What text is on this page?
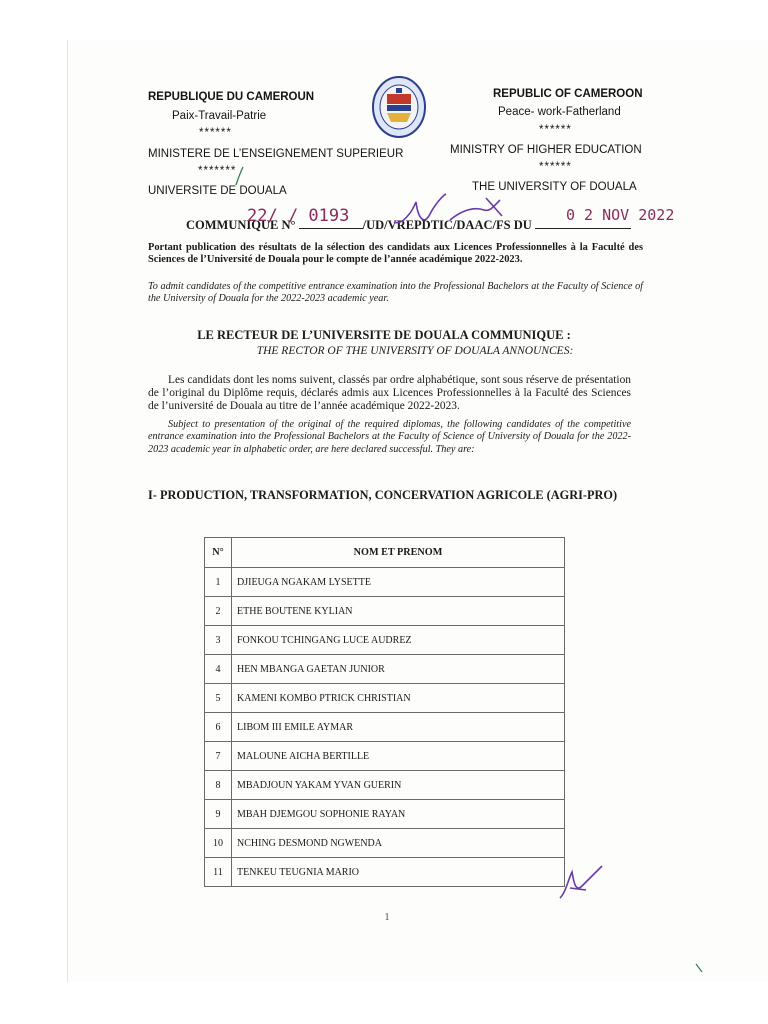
REPUBLIQUE DU CAMEROUN
Paix-Travail-Patrie
******
MINISTERE DE L’ENSEIGNEMENT SUPERIEUR
*******
UNIVERSITE DE DOUALA
REPUBLIC OF CAMEROON
Peace- work-Fatherland
******
MINISTRY OF HIGHER EDUCATION
******
THE UNIVERSITY OF DOUALA
COMMUNIQUE N°	/UD/VREPDTIC/DAAC/FS DU
22/ / 0193	0 2 NOV 2022
Portant publication des résultats de la sélection des candidats aux Licences Professionnelles à la Faculté des Sciences de l’Université de Douala pour le compte de l’année académique 2022-2023.
To admit candidates of the competitive entrance examination into the Professional Bachelors at the Faculty of Science of the University of Douala for the 2022-2023 academic year.
LE RECTEUR DE L’UNIVERSITE DE DOUALA COMMUNIQUE :
THE RECTOR OF THE UNIVERSITY OF DOUALA ANNOUNCES:
Les candidats dont les noms suivent, classés par ordre alphabétique, sont sous réserve de présentation de l’original du Diplôme requis, déclarés admis aux Licences Professionnelles à la Faculté des Sciences de l’université de Douala au titre de l’année académique 2022-2023.
Subject to presentation of the original of the required diplomas, the following candidates of the competitive entrance examination into the Professional Bachelors at the Faculty of Science of University of Douala for the 2022-2023 academic year in alphabetic order, are here declared successful. They are:
I- PRODUCTION, TRANSFORMATION, CONCERVATION AGRICOLE (AGRI-PRO)
N°	NOM ET PRENOM
1	DJIEUGA NGAKAM LYSETTE
2	ETHE BOUTENE KYLIAN
3	FONKOU TCHINGANG LUCE AUDREZ
4	HEN MBANGA GAETAN JUNIOR
5	KAMENI KOMBO PTRICK CHRISTIAN
6	LIBOM III EMILE AYMAR
7	MALOUNE AICHA BERTILLE
8	MBADJOUN YAKAM YVAN GUERIN
9	MBAH DJEMGOU SOPHONIE RAYAN
10	NCHING DESMOND NGWENDA
11	TENKEU TEUGNIA MARIO
1
